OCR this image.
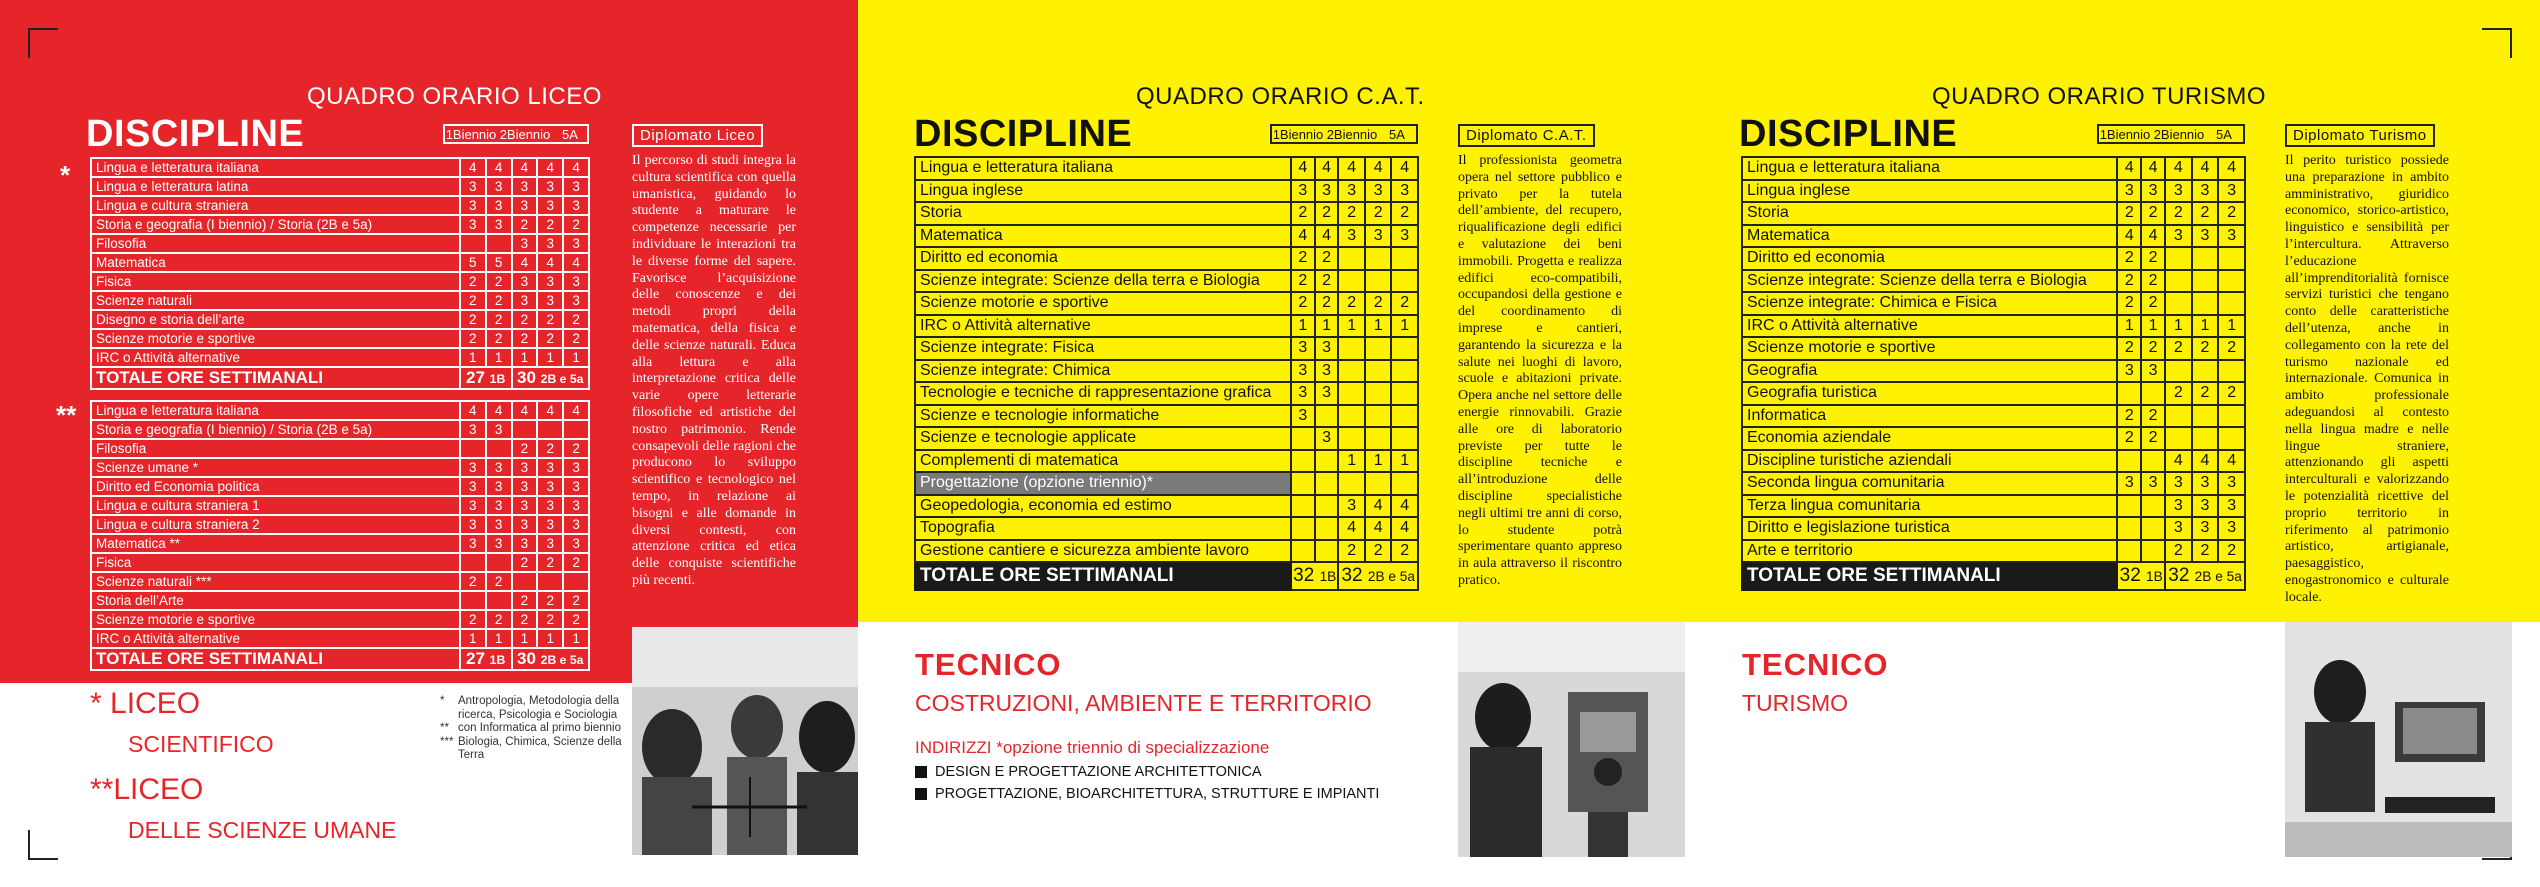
QUADRO ORARIO LICEO
DISCIPLINE	1Biennio 2Biennio 5A
* Lingua e letteratura italiana	4	4	4	4	4
Lingua e letteratura latina	3	3	3	3	3
Lingua e cultura straniera	3	3	3	3	3
Storia e geografia (I biennio) / Storia (2B e 5a)	3	3	2	2	2
Filosofia			3	3	3
Matematica	5	5	4	4	4
Fisica	2	2	3	3	3
Scienze naturali	2	2	3	3	3
Disegno e storia dell’arte	2	2	2	2	2
Scienze motorie e sportive	2	2	2	2	2
IRC o Attività alternative	1	1	1	1	1
TOTALE ORE SETTIMANALI	27 1B		30 2B e 5a		
** Lingua e letteratura italiana	4	4	4	4	4
Storia e geografia (I biennio) / Storia (2B e 5a)	3	3			
Filosofia			2	2	2
Scienze umane *	3	3	3	3	3
Diritto ed Economia politica	3	3	3	3	3
Lingua e cultura straniera 1	3	3	3	3	3
Lingua e cultura straniera 2	3	3	3	3	3
Matematica **	3	3	3	3	3
Fisica			2	2	2
Scienze naturali ***	2	2			
Storia dell’Arte			2	2	2
Scienze motorie e sportive	2	2	2	2	2
IRC o Attività alternative	1	1	1	1	1
TOTALE ORE SETTIMANALI	27 1B		30 2B e 5a		
Diplomato Liceo

Il percorso di studi integra la cultura scientifica con quella umanistica, guidando lo studente a maturare le competenze necessarie per individuare le interazioni tra le diverse forme del sapere. Favorisce l’acquisizione delle conoscenze e dei metodi propri della matematica, della fisica e delle scienze naturali. Educa alla lettura e alla interpretazione critica delle varie opere letterarie filosofiche ed artistiche del nostro patrimonio. Rende consapevoli delle ragioni che producono lo sviluppo scientifico e tecnologico nel tempo, in relazione ai bisogni e alle domande in diversi contesti, con attenzione critica ed etica delle conquiste scientifiche più recenti.

* LICEO
SCIENTIFICO
**LICEO
DELLE SCIENZE UMANE
*	Antropologia, Metodologia della ricerca, Psicologia e Sociologia
** con Informatica al primo biennio
*** Biologia, Chimica, Scienze della Terra
QUADRO ORARIO C.A.T.
DISCIPLINE	1Biennio 2Biennio 5A
Lingua e letteratura italiana	4	4	4	4	4
Lingua inglese	3	3	3	3	3
Storia	2	2	2	2	2
Matematica	4	4	3	3	3
Diritto ed economia	2	2			
Scienze integrate: Scienze della terra e Biologia	2	2			
Scienze motorie e sportive	2	2	2	2	2
IRC o Attività alternative	1	1	1	1	1
Scienze integrate: Fisica	3	3			
Scienze integrate: Chimica	3	3			
Tecnologie e tecniche di rappresentazione grafica	3	3			
Scienze e tecnologie informatiche	3				
Scienze e tecnologie applicate		3			
Complementi di matematica			1	1	1
Progettazione (opzione triennio)*					
Geopedologia, economia ed estimo			3	4	4
Topografia			4	4	4
Gestione cantiere e sicurezza ambiente lavoro			2	2	2
TOTALE ORE SETTIMANALI	32 1B		32 2B e 5a		
Diplomato C.A.T.

Il professionista geometra opera nel settore pubblico e privato per la tutela dell’ambiente, del recupero, riqualificazione degli edifici e valutazione dei beni immobili. Progetta e realizza edifici eco-compatibili, occupandosi della gestione e del coordinamento di imprese e cantieri, garantendo la sicurezza e la salute nei luoghi di lavoro, scuole e abitazioni private. Opera anche nel settore delle energie rinnovabili. Grazie alle ore di laboratorio previste per tutte le discipline tecniche e all’introduzione delle discipline specialistiche negli ultimi tre anni di corso, lo studente potrà sperimentare quanto appreso in aula attraverso il riscontro pratico.

TECNICO
COSTRUZIONI, AMBIENTE E TERRITORIO
INDIRIZZI *opzione triennio di specializzazione
DESIGN E PROGETTAZIONE ARCHITETTONICA
PROGETTAZIONE, BIOARCHITETTURA, STRUTTURE E IMPIANTI
QUADRO ORARIO TURISMO
DISCIPLINE	1Biennio 2Biennio 5A
Lingua e letteratura italiana	4	4	4	4	4
Lingua inglese	3	3	3	3	3
Storia	2	2	2	2	2
Matematica	4	4	3	3	3
Diritto ed economia	2	2			
Scienze integrate: Scienze della terra e Biologia	2	2			
Scienze integrate: Chimica e Fisica	2	2			
IRC o Attività alternative	1	1	1	1	1
Scienze motorie e sportive	2	2	2	2	2
Geografia	3	3			
Geografia turistica			2	2	2
Informatica	2	2			
Economia aziendale	2	2			
Discipline turistiche aziendali			4	4	4
Seconda lingua comunitaria	3	3	3	3	3
Terza lingua comunitaria			3	3	3
Diritto e legislazione turistica			3	3	3
Arte e territorio			2	2	2
TOTALE ORE SETTIMANALI	32 1B		32 2B e 5a		
Diplomato Turismo

Il perito turistico possiede una preparazione in ambito amministrativo, giuridico economico, storico-artistico, linguistico e sensibilità per l’intercultura. Attraverso l’educazione all’imprenditorialità fornisce servizi turistici che tengano conto delle caratteristiche dell’utenza, anche in collegamento con la rete del turismo nazionale ed internazionale. Comunica in ambito professionale adeguandosi al contesto nella lingua madre e nelle lingue straniere, attenzionando gli aspetti interculturali e valorizzando le potenzialità ricettive del proprio territorio in riferimento al patrimonio artistico, artigianale, paesaggistico, enogastronomico e culturale locale.

TECNICO
TURISMO
